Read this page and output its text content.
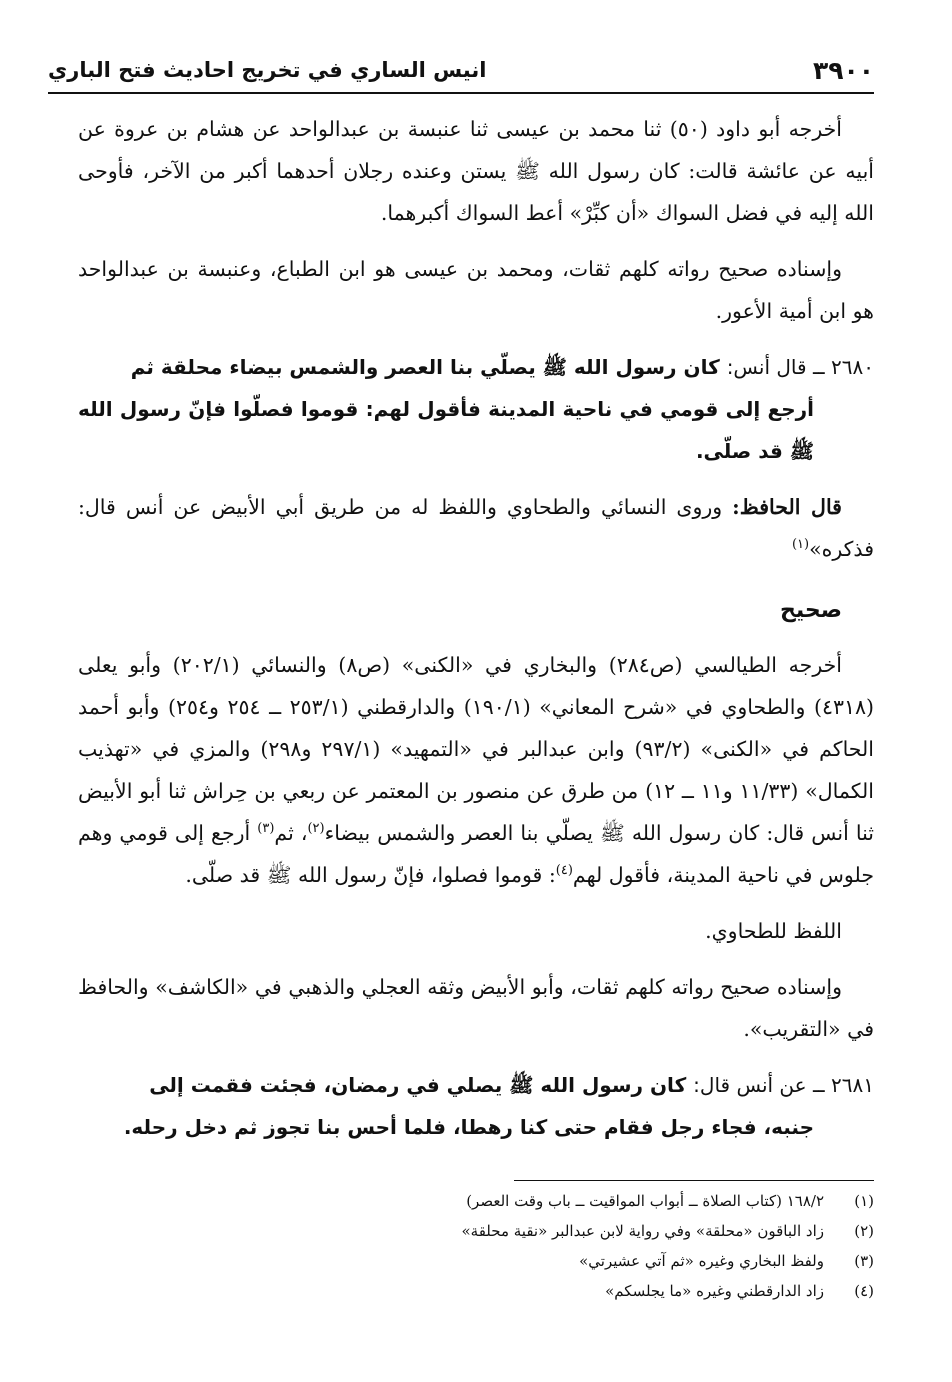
٣٩٠٠
انيس الساري في تخريج احاديث فتح الباري

أخرجه أبو داود (٥٠) ثنا محمد بن عيسى ثنا عنبسة بن عبدالواحد عن هشام بن عروة عن أبيه عن عائشة قالت: كان رسول الله ﷺ يستن وعنده رجلان أحدهما أكبر من الآخر، فأوحى الله إليه في فضل السواك «أن كبِّرْ» أعط السواك أكبرهما.

وإسناده صحيح رواته كلهم ثقات، ومحمد بن عيسى هو ابن الطباع، وعنبسة بن عبدالواحد هو ابن أمية الأعور.

٢٦٨٠ ــ قال أنس: كان رسول الله ﷺ يصلّي بنا العصر والشمس بيضاء محلقة ثم
أرجع إلى قومي في ناحية المدينة فأقول لهم: قوموا فصلّوا فإنّ رسول الله ﷺ قد صلّى.

قال الحافظ: وروى النسائي والطحاوي واللفظ له من طريق أبي الأبيض عن أنس قال: فذكره»$^{(١)}$

صحيح

أخرجه الطيالسي (ص٢٨٤) والبخاري في «الكنى» (ص٨) والنسائي (٢٠٢/١) وأبو يعلى (٤٣١٨) والطحاوي في «شرح المعاني» (١٩٠/١) والدارقطني (٢٥٣/١ ــ ٢٥٤ و٢٥٤) وأبو أحمد الحاكم في «الكنى» (٩٣/٢) وابن عبدالبر في «التمهيد» (٢٩٧/١ و٢٩٨) والمزي في «تهذيب الكمال» (١١/٣٣ و١١ ــ ١٢) من طرق عن منصور بن المعتمر عن ربعي بن حِراش ثنا أبو الأبيض ثنا أنس قال: كان رسول الله ﷺ يصلّي بنا العصر والشمس بيضاء$^{(٢)}$، ثم$^{(٣)}$ أرجع إلى قومي وهم جلوس في ناحية المدينة، فأقول لهم$^{(٤)}$: قوموا فصلوا، فإنّ رسول الله ﷺ قد صلّى.

اللفظ للطحاوي.

وإسناده صحيح رواته كلهم ثقات، وأبو الأبيض وثقه العجلي والذهبي في «الكاشف» والحافظ في «التقريب».

٢٦٨١ ــ عن أنس قال: كان رسول الله ﷺ يصلي في رمضان، فجئت فقمت إلى
جنبه، فجاء رجل فقام حتى كنا رهطا، فلما أحس بنا تجوز ثم دخل رحله.
(١)
١٦٨/٢ (كتاب الصلاة ــ أبواب المواقيت ــ باب وقت العصر)
(٢)
زاد الباقون «محلقة» وفي رواية لابن عبدالبر «نقية محلقة»
(٣)
ولفظ البخاري وغيره «ثم آتي عشيرتي»
(٤)
زاد الدارقطني وغيره «ما يجلسكم»
